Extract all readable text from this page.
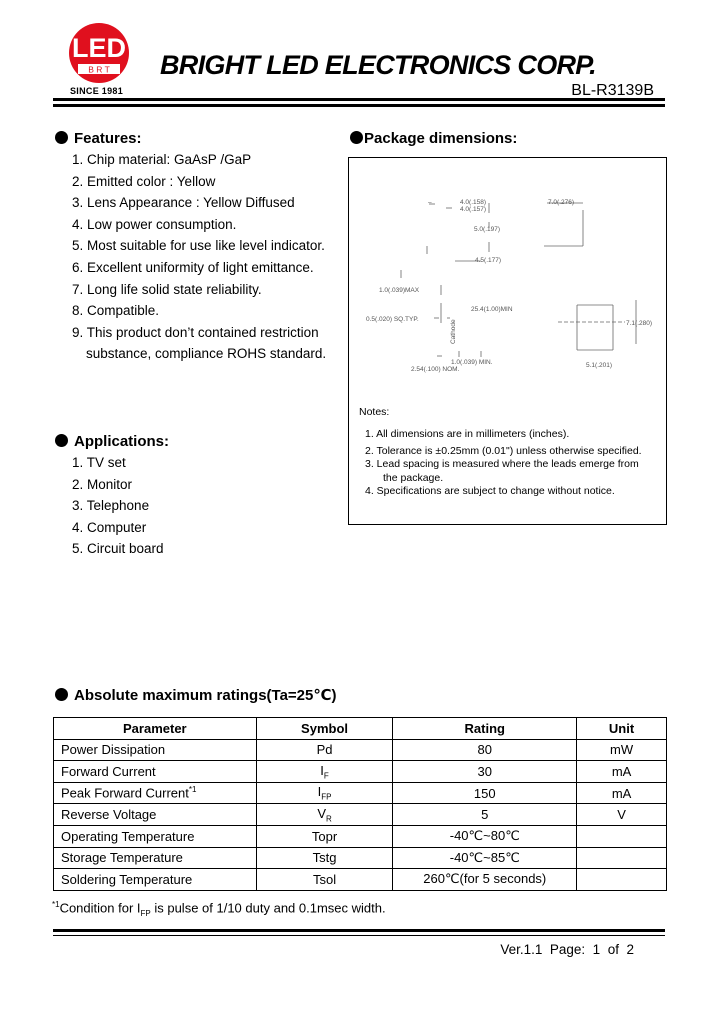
LED
B R T
SINCE 1981
BRIGHT LED ELECTRONICS CORP.
BL-R3139B
Features:
1. Chip material: GaAsP /GaP
2. Emitted color : Yellow
3. Lens Appearance : Yellow Diffused
4. Low power consumption.
5. Most suitable for use like level indicator.
6. Excellent uniformity of light emittance.
7. Long life solid state reliability.
8. Compatible.
9. This product don’t contained restriction
substance, compliance ROHS standard.
Package dimensions:
–	4.0(.158)
4.0(.157)
7.0(.276)
5.0(.197)
4.5(.177)
1.0(.039)MAX
25.4(1.00)MIN
0.5(.020) SQ.TYP.	Cathode	7.1(.280)
1.0(.039) MIN.
2.54(.100) NOM.
5.1(.201)
Notes:
1. All dimensions are in millimeters (inches).
2. Tolerance is ±0.25mm (0.01") unless otherwise specified.
3. Lead spacing is measured where the leads emerge from
the package.
4. Specifications are subject to change without notice.
Applications:
1. TV set
2. Monitor
3. Telephone
4. Computer
5. Circuit board
Absolute maximum ratings(Ta=25℃)
Parameter	Symbol	Rating	Unit
Power Dissipation	Pd	80	mW
Forward Current	$I_F$	30	mA
Peak Forward Current$^{*1}$	$I_{FP}$	150	mA
Reverse Voltage	$V_R$	5	V
Operating Temperature	Topr	-40℃~80℃	
Storage Temperature	Tstg	-40℃~85℃	
Soldering Temperature	Tsol	260℃(for 5 seconds)	
$^{*1}$Condition for $I_{FP}$ is pulse of 1/10 duty and 0.1msec width.
Ver.1.1 Page: 1 of 2
